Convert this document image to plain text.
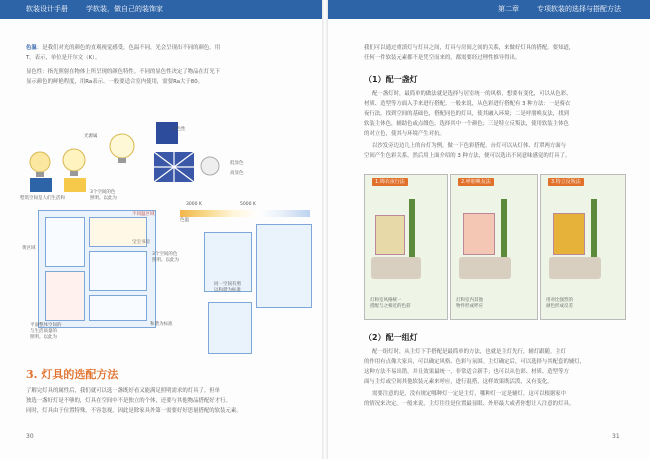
软装设计手册	学软装，做自己的装饰家
色温：是我们对光的颜色的直观视觉感受，色温不同，光会呈现出不同的颜色。用
T。表示，单位是开尔文（K）。
显色性：指光照射在物体上所呈现的颜色特性。不同的显色性决定了物品在灯光下
显示颜色的鲜艳程度，用Ra表示。一般要适合室内使用，需要Ra大于80。
白色性
光源属
低显色
高显色
3000 K	5000 K
色温
墅筑空间是人们生活和
3个空间的色
照明。以此为
黄区域
不同温区域
宝宝书房
3个空间的色
照明。以此为
平面整体空间的
与生活质量的
照明。以此为
同一空间有照
以和谐为标准
和谐为标准
3. 灯具的选配方法
了解完灯具的属性后，我们就可以选一盏既好看又能满足照明需求的灯具了。但单
独选一盏好灯是不够的，灯具在空间中不是独立的个体，还要与其他物品搭配好才行。
同时，灯具由于位置特殊，不容忽视，因此是除家具外第一需要好好思量搭配的软装元素。
30
第二章	专项软装的选择与搭配方法
我们可以通过重滇灯与灯具之间，灯具与房间之间的关系，来做好灯具的搭配。要知道，
任何一件软装元素都不是凭空而来的，都需要经过理性推导得出。
（1）配一盏灯
配一盏灯时，最简单的做法就是选择与居室统一的风格，想要有变化，可以从色彩、
材质、造型等方面入手来进行搭配。一般来说，从色彩进行搭配有 3 种方法：一是骑衣
夜行法，找到空间的基础色，搭配同色的灯具，使其融入环境；二是呼朋唤友法，找到
软装主体色，辅助色或点缀色，选择其中一个颜色；三是特立反叛法，使用软装主体色
的对立色，使其与环境产生对抗。
以沙发旁边边几上的台灯为例，做一下色彩搭配。台灯可以从灯体、灯罩两方面与
空间产生色彩关系，然后用上面介绍的 3 种方法，便可以选出不同意味感觉的灯具了。
1.锦衣夜行法	2.呼朋唤友法	3.特立反叛法
灯和室风格统一
搭配与之相近的色彩
灯和室内其他
物件形成呼应
用对比强烈的
颜色形成反差
（2）配一组灯
配一组灯时，从主灯下手搭配是最简单的方法，也就是主灯先行，辅灯跟随。主灯
的作用有点像大家具，可以确定风格、色彩与氛围。主灯确定后，可以选择与其配套的辅灯，
这种方法不易出错，并且效果最统一，非常适合新手；也可以从色彩、材质、造型等方
面与主灯或空间其他软装元素来呼应，进行混搭，这样效果既活泼，又有变化。
需要注意的是，没有规定哪种灯一定是主灯，哪种灯一定是辅灯，这可以根据家中
的情况来决定。一般来说，主灯往往是位置最显眼、外形最大或者你想让人注意的灯具。
31
